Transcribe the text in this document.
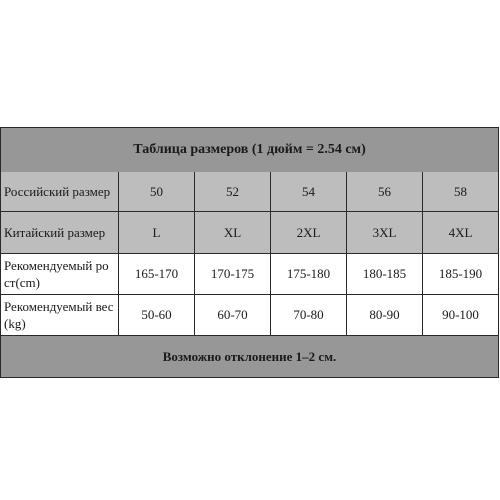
Таблица размеров (1 дюйм = 2.54 см)
Российский размер	50	52	54	56	58
Китайский размер	L	XL	2XL	3XL	4XL
Рекомендуемый ро
ст(cm)
165-170	170-175	175-180	180-185	185-190
Рекомендуемый вес
(kg)
50-60	60-70	70-80	80-90	90-100
Возможно отклонение 1–2 см.
